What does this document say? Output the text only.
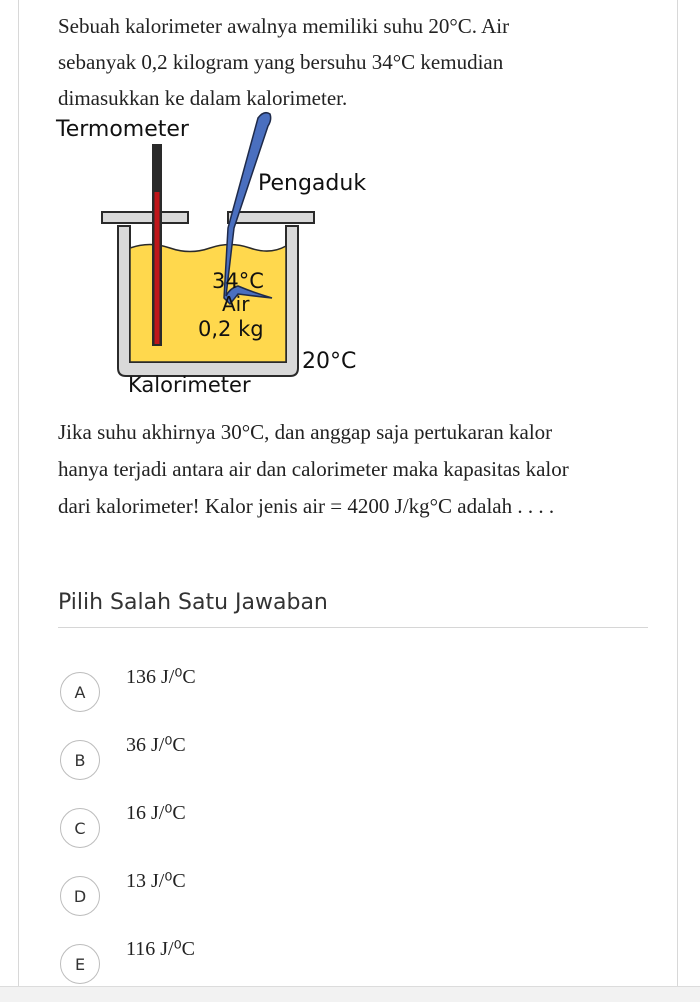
Sebuah kalorimeter awalnya memiliki suhu 20°C. Air
sebanyak 0,2 kilogram yang bersuhu 34°C kemudian
dimasukkan ke dalam kalorimeter.
Termometer
Pengaduk
34°C
Air
0,2 kg
20°C
Kalorimeter
Jika suhu akhirnya 30°C, dan anggap saja pertukaran kalor
hanya terjadi antara air dan calorimeter maka kapasitas kalor
dari kalorimeter! Kalor jenis air = 4200 J/kg°C adalah . . . .
Pilih Salah Satu Jawaban
A
136 J/⁰C
B
36 J/⁰C
C
16 J/⁰C
D
13 J/⁰C
E
116 J/⁰C
